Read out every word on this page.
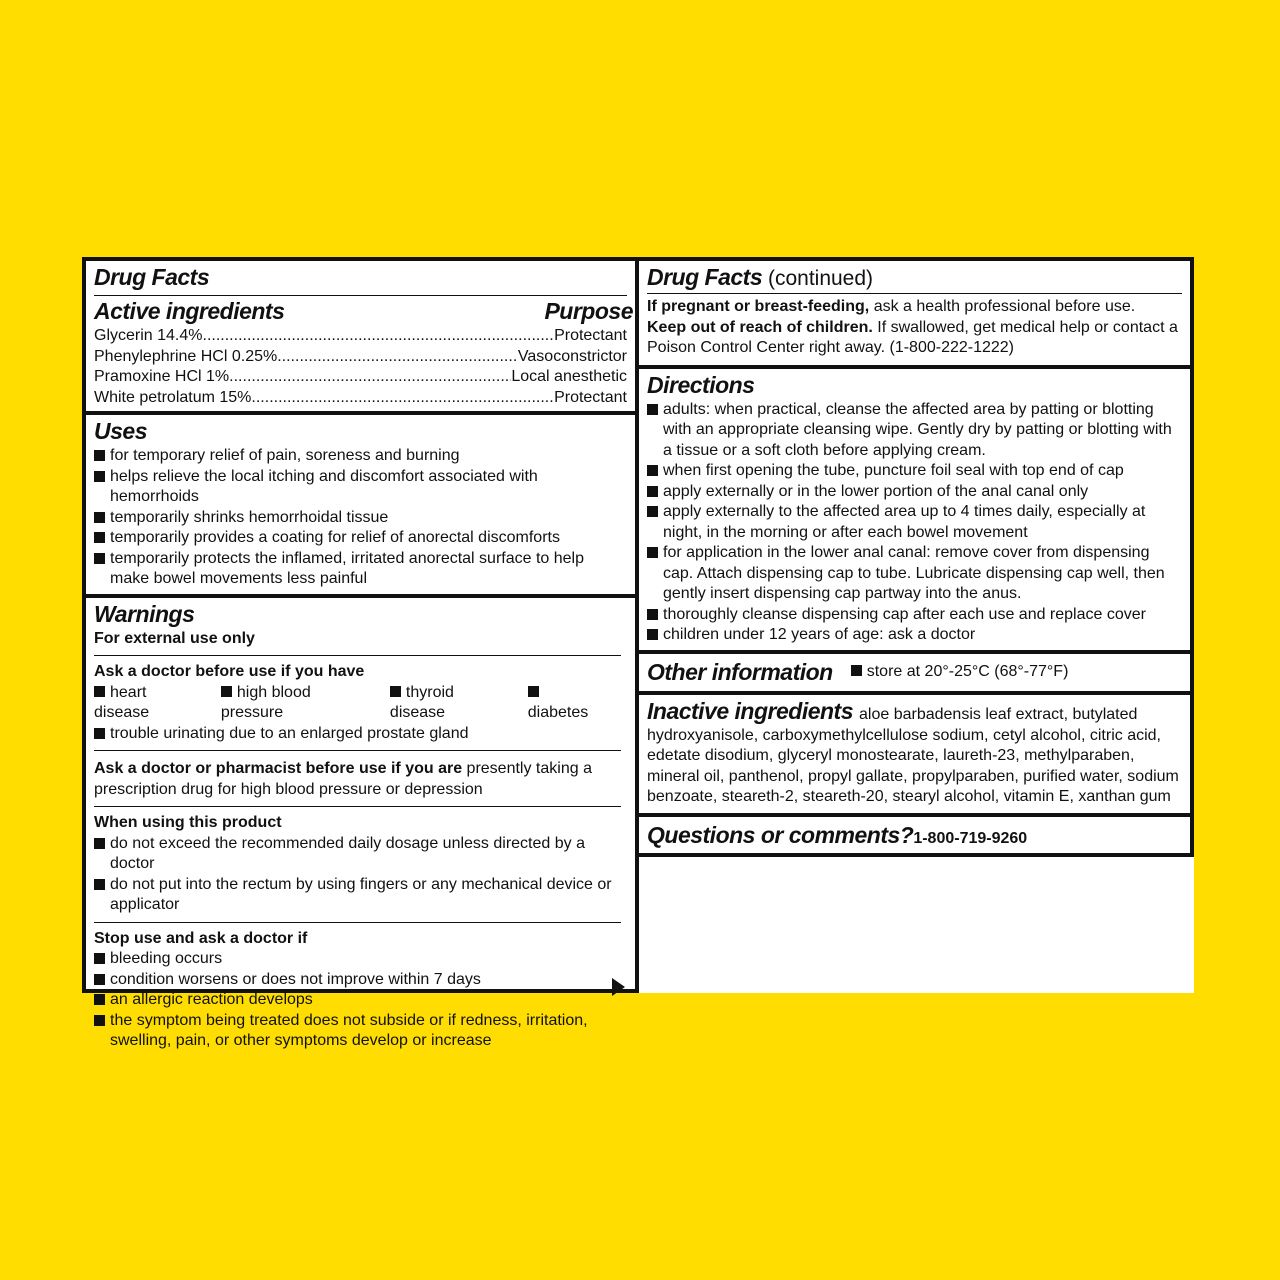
Drug Facts
Active ingredients	Purpose
Glycerin 14.4% .....	Protectant
Phenylephrine HCl 0.25% .....	Vasoconstrictor
Pramoxine HCl 1% .....	Local anesthetic
White petrolatum 15% .....	Protectant
Uses
for temporary relief of pain, soreness and burning
helps relieve the local itching and discomfort associated with hemorrhoids
temporarily shrinks hemorrhoidal tissue
temporarily provides a coating for relief of anorectal discomforts
temporarily protects the inflamed, irritated anorectal surface to help make bowel movements less painful
Warnings
For external use only
Ask a doctor before use if you have
heart disease
high blood pressure
thyroid disease	diabetes
trouble urinating due to an enlarged prostate gland
Ask a doctor or pharmacist before use if you are presently taking a prescription drug for high blood pressure or depression
When using this product
do not exceed the recommended daily dosage unless directed by a doctor
do not put into the rectum by using fingers or any mechanical device or applicator
Stop use and ask a doctor if
bleeding occurs
condition worsens or does not improve within 7 days
an allergic reaction develops
the symptom being treated does not subside or if redness, irritation, swelling, pain, or other symptoms develop or increase
Drug Facts (continued)
If pregnant or breast-feeding, ask a health professional before use.
Keep out of reach of children. If swallowed, get medical help or contact a Poison Control Center right away. (1-800-222-1222)
Directions
adults: when practical, cleanse the affected area by patting or blotting with an appropriate cleansing wipe. Gently dry by patting or blotting with a tissue or a soft cloth before applying cream.
when first opening the tube, puncture foil seal with top end of cap
apply externally or in the lower portion of the anal canal only
apply externally to the affected area up to 4 times daily, especially at night, in the morning or after each bowel movement
for application in the lower anal canal: remove cover from dispensing cap. Attach dispensing cap to tube. Lubricate dispensing cap well, then gently insert dispensing cap partway into the anus.
thoroughly cleanse dispensing cap after each use and replace cover
children under 12 years of age: ask a doctor
Other information	store at 20°-25°C (68°-77°F)
Inactive ingredients aloe barbadensis leaf extract, butylated hydroxyanisole, carboxymethylcellulose sodium, cetyl alcohol, citric acid, edetate disodium, glyceryl monostearate, laureth-23, methylparaben, mineral oil, panthenol, propyl gallate, propylparaben, purified water, sodium benzoate, steareth-2, steareth-20, stearyl alcohol, vitamin E, xanthan gum
Questions or comments?1-800-719-9260
